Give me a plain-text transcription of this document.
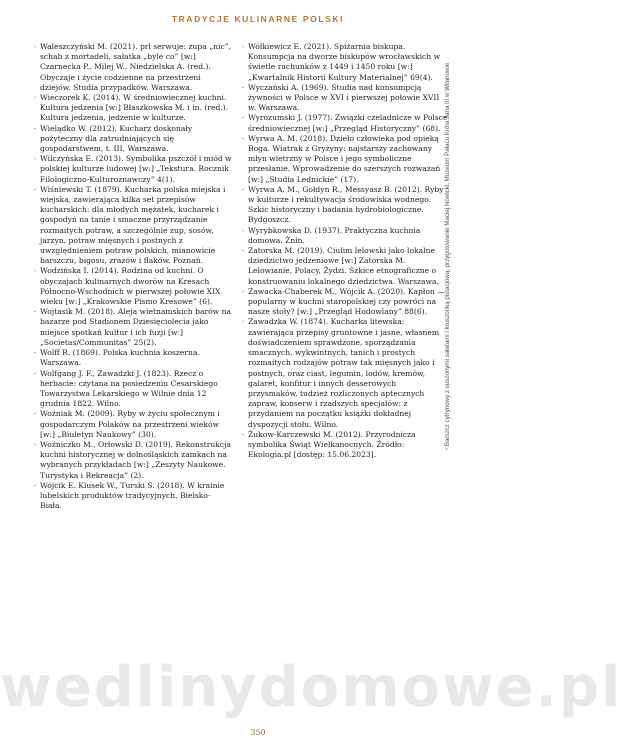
TRADYCJE KULINARNE POLSKI

· Waleszczyński M. (2021). prl serwuje: zupa „nic”, schab z mortadeli, sałatka „byle co” [w:] Czarnecka P., Milej W., Niedzielska A. (red.). Obyczaje i życie codzienne na przestrzeni dziejów. Studia przypadków. Warszawa.

· Wieczorek K. (2014). W średniowiecznej kuchni. Kultura jedzenia [w:] Błaszkowska M. i in. (red.). Kultura jedzenia, jedzenie w kulturze.

· Wielądko W. (2012), Kucharz doskonały pożyteczny dla zatrudniających się gospodarstwem, t. III, Warszawa.

· Wilczyńska E. (2013). Symbolika pszczół i miód w polskiej kulturze ludowej [w:] „Tekstura. Rocznik Filologiczno-Kulturoznawczy” 4(1).

· Wiśniewski T. (1879). Kucharka polska miejska i wiejska, zawierająca kilka set przepisów kucharskich: dla młodych mężatek, kucharek i gospodyń na tanie i smaczne przyrządzanie rozmaitych potraw, a szczególnie zup, sosów, jarzyn, potraw mięsnych i postnych z uwzględnieniem potraw polskich, mianowicie barszczu, bigosu, zrazów i flaków. Poznań.

· Wodzińska I. (2014). Rodzina od kuchni. O obyczajach kulinarnych dworów na Kresach Północno-Wschodnich w pierwszej połowie XIX wieku [w:] „Krakowskie Pismo Kresowe” (6).

· Wojtasik M. (2018). Aleja wietnamskich barów na bazarze pod Stadionem Dziesięciolecia jako miejsce spotkań kultur i ich fuzji [w:] „Societas/Communitas” 25(2).

· Wolff R. (1869). Polska kuchnia koszerna. Warszawa.

· Wolfgang J. F., Zawadzki J. (1823). Rzecz o herbacie: czytana na posiedzeniu Cesarskiego Towarzystwa Lekarskiego w Wilnie dnia 12 grudnia 1822. Wilno.

· Woźniak M. (2009). Ryby w życiu społecznym i gospodarczym Polaków na przestrzeni wieków [w:] „Biuletyn Naukowy” (30).

· Woźniczko M., Orłowski D. (2019). Rekonstrukcja kuchni historycznej w dolnośląskich zamkach na wybranych przykładach [w:] „Zeszyty Naukowe. Turystyka i Rekreacja” (2).

· Wójcik E. Klusek W., Turski S. (2018). W krainie lubelskich produktów tradycyjnych, Bielsko-Biała.

· Wółkiewicz E. (2021). Spiżarnia biskupa. Konsumpcja na dworze biskupów wrocławskich w świetle rachunków z 1449 i 1450 roku [w:] „Kwartalnik Historii Kultury Materialnej” 69(4).

· Wyczański A. (1969). Studia nad konsumpcją żywności w Polsce w XVI i pierwszej połowie XVII w. Warszawa.

· Wyrozumski J. (1977). Związki czeladnicze w Polsce średniowiecznej [w:] „Przegląd Historyczny” (68).

· Wyrwa A. M. (2018). Dzieło człowieka pod opieką Boga. Wiatrak z Gryżyny: najstarszy zachowany młyn wietrzny w Polsce i jego symboliczne przesłanie. Wprowadzenie do szerszych rozważań [w:] „Studia Lednickie” (17).

· Wyrwa A. M., Gołdyn R., Messyasz B. (2012). Ryby w kulturze i rekultywacja środowiska wodnego. Szkic historyczny i badania hydrobiologiczne. Bydgoszcz.

· Wyrybkowska D. (1937). Praktyczna kuchnia domowa. Żnin.

· Zatorska M. (2019). Ciulim lelowski jako lokalne dziedzictwo jedzeniowe [w:] Zatorska M. Lelowianie, Polacy, Żydzi. Szkice etnograficzne o konstruowaniu lokalnego dziedzictwa. Warszawa.

· Zawacka-Chaberek M., Wójcik A. (2020). Kapłon — popularny w kuchni staropolskiej czy powróci na nasze stoły? [w:] „Przegląd Hodowlany” 88(6).

· Zawadzka W. (1874). Kucharka litewska: zawierająca przepisy gruntowne i jasne, własnem doświadczeniem sprawdzone, sporządzania smacznych, wykwintnych, tanich i prostych rozmaitych rodzajów potraw tak mięsnych jako i postnych, oraz ciast, legumin, lodów, kremów, galaret, konfitur i innych desserowych przysmaków, tudzież rozliczonych aptecznych zapraw, konserw i rzadszych specjałów: z przydaniem na początku książki dokładnej dyspozycji stołu, Wilno.

· Żukow-Karczewski M. (2012). Przyrodnicza symbolika Świąt Wielkanocnych. Źródło: Ekologia.pl [dostęp: 15.06.2023].

• Barszcz cytrynowy z suszonymi sałatami i kruszonką pistacjową, przygotowanie Maciej Nowicki, Muzeum Pałacu Króla Jana III w Wilanowie
wedlinydomowe.pl
350
